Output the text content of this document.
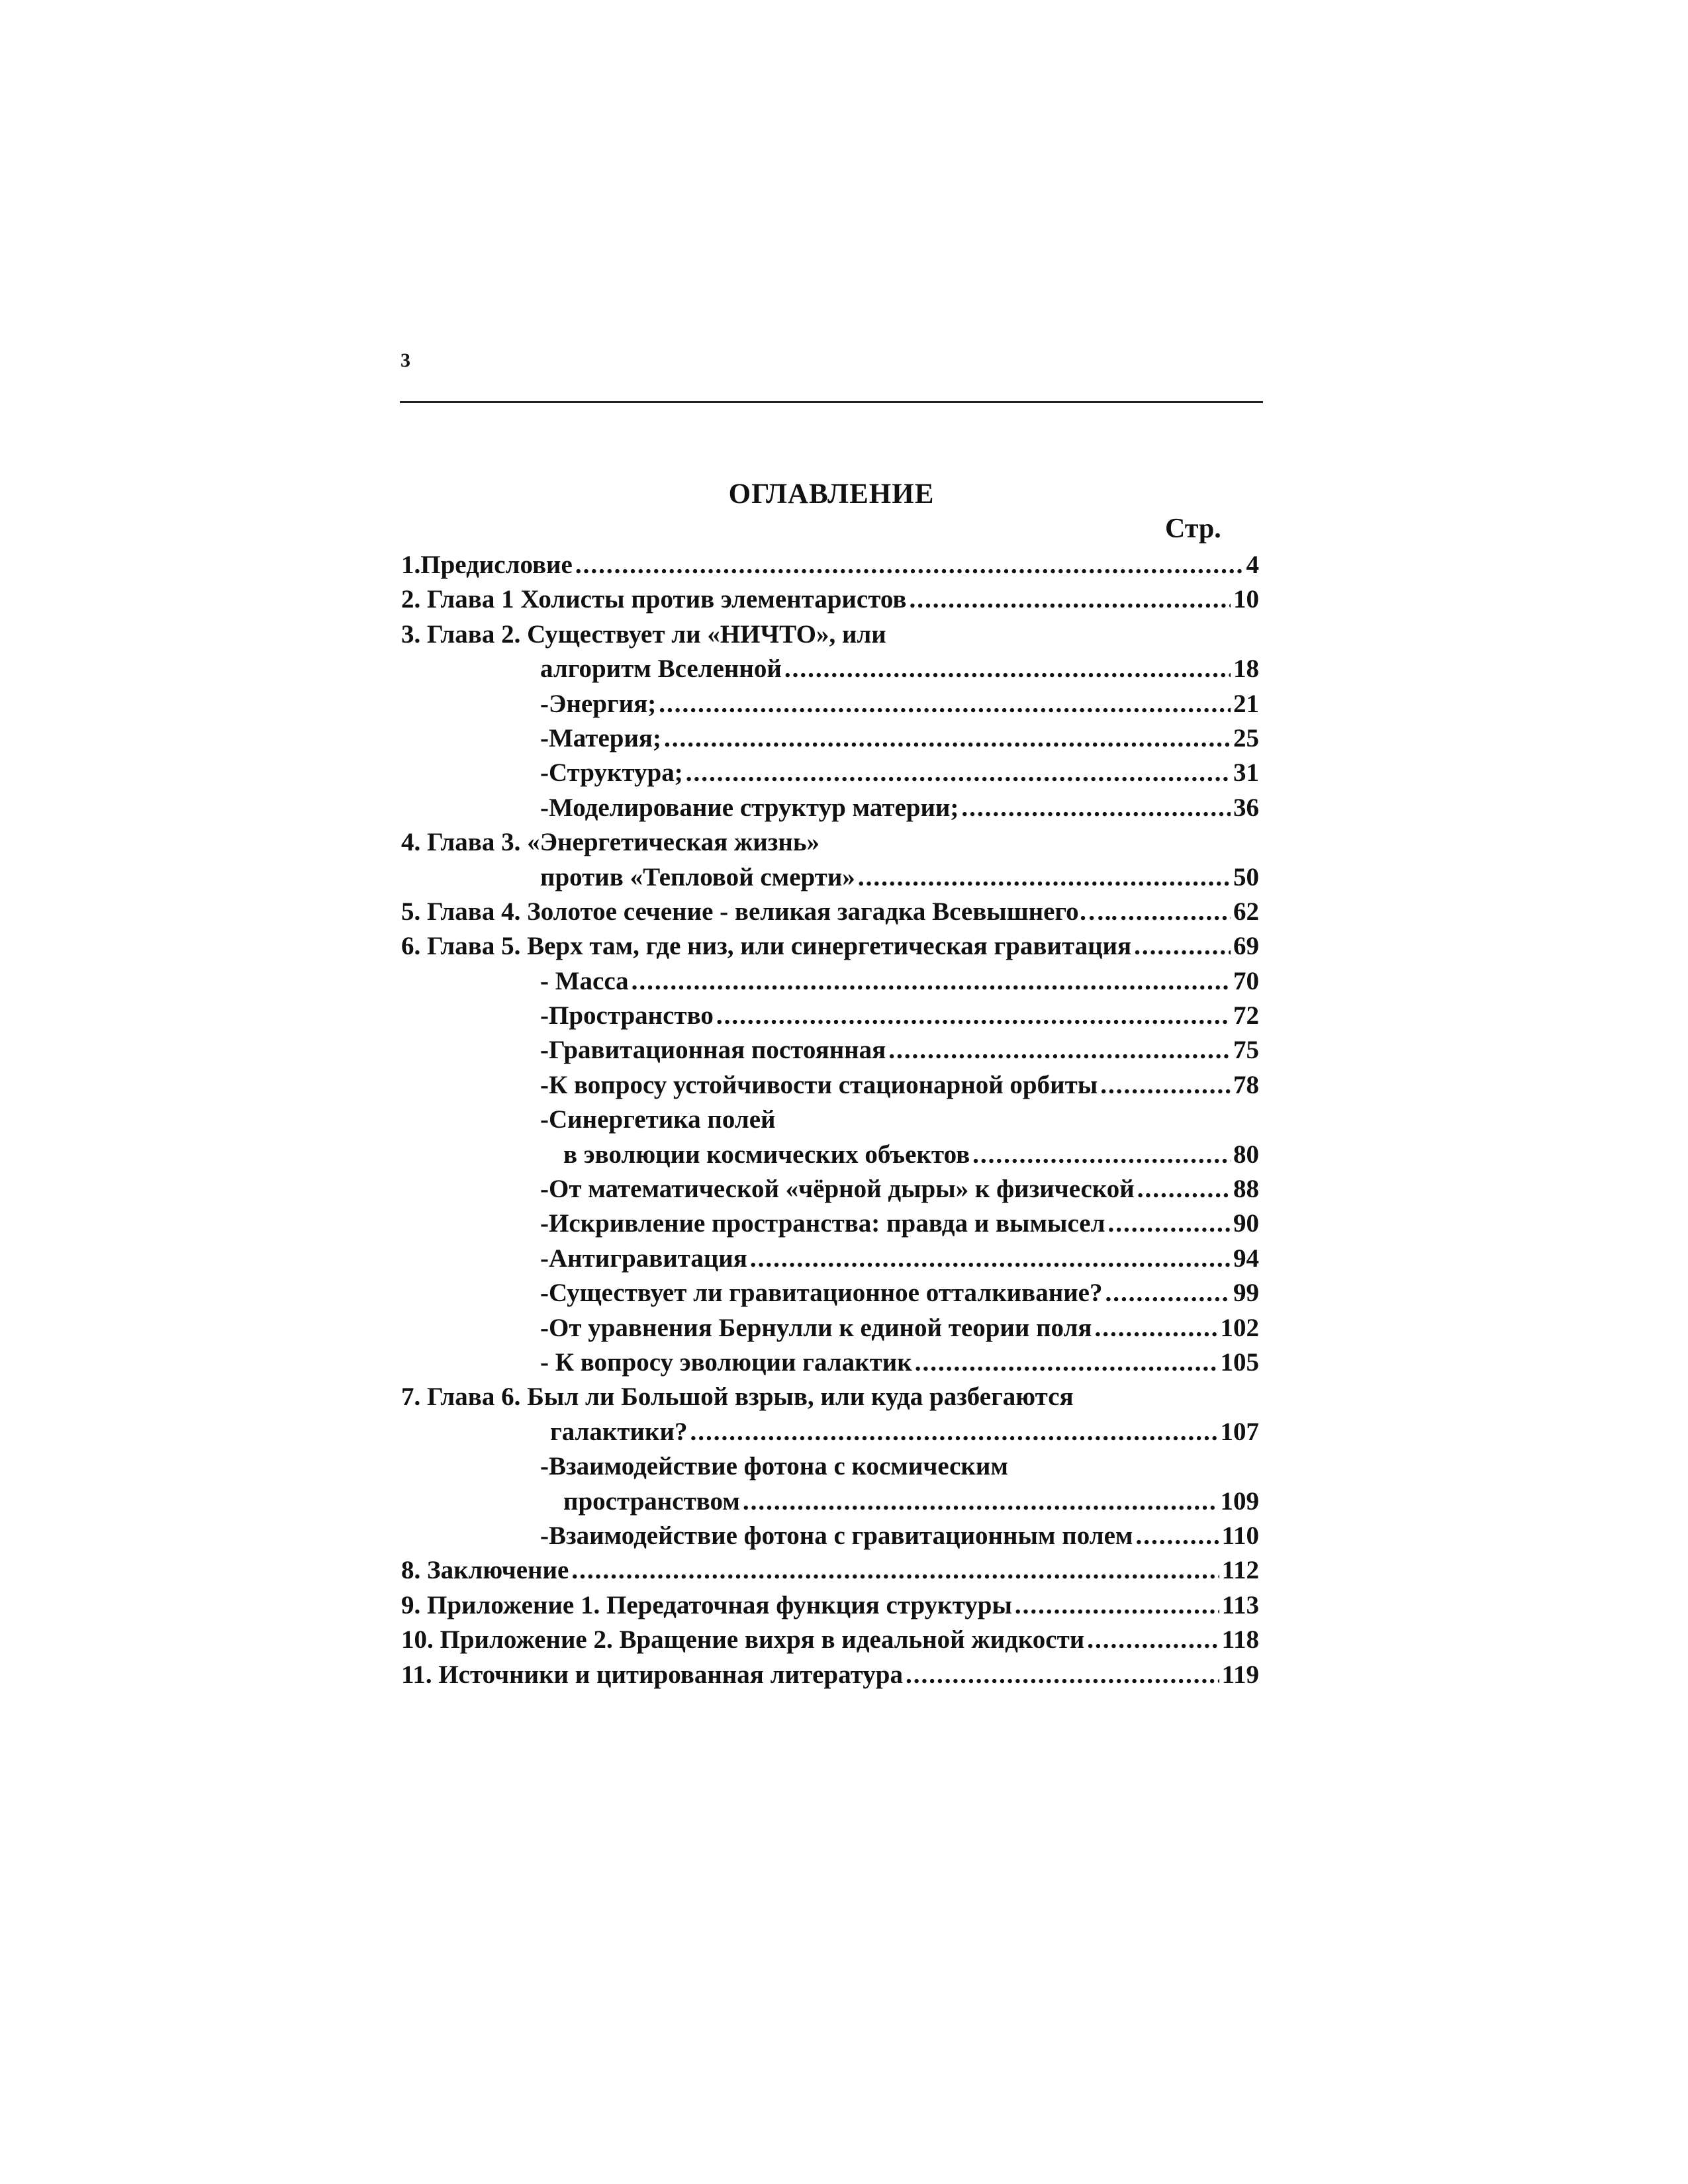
3
ОГЛАВЛЕНИЕ
Стр.
1.Предисловие .....	4
2. Глава 1 Холисты против элементаристов .....	10
3. Глава 2. Существует ли «НИЧТО», или
алгоритм Вселенной .....	18
-Энергия; .....	21
-Материя; .....	25
-Структура; .....	31
-Моделирование структур материи; .....	36
4. Глава 3. «Энергетическая жизнь»
против «Тепловой смерти» .....	50
5. Глава 4. Золотое сечение - великая загадка Всевышнего….. .....	62
6. Глава 5. Верх там, где низ, или синергетическая гравитация .....	69
- Масса .....	70
-Пространство .....	72
-Гравитационная постоянная .....	75
-К вопросу устойчивости стационарной орбиты .....	78
-Синергетика полей
в эволюции космических объектов .....	80
-От математической «чёрной дыры» к физической .....	88
-Искривление пространства: правда и вымысел .....	90
-Антигравитация .....	94
-Существует ли гравитационное отталкивание? .....	99
-От уравнения Бернулли к единой теории поля .....	102
- К вопросу эволюции галактик .....	105
7. Глава 6. Был ли Большой взрыв, или куда разбегаются
галактики? .....	107
-Взаимодействие фотона с космическим
пространством .....	109
-Взаимодействие фотона с гравитационным полем .....	110
8. Заключение .....	112
9. Приложение 1. Передаточная функция структуры .....	113
10. Приложение 2. Вращение вихря в идеальной жидкости .....	118
11. Источники и цитированная литература .....	119
